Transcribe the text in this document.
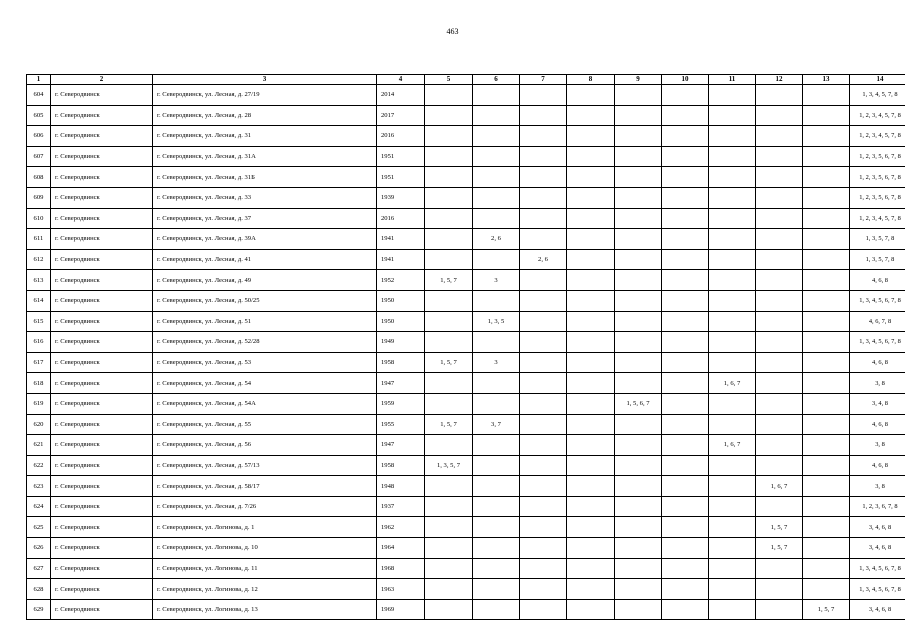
463
1	2	3	4	5	6	7	8	9	10	11	12	13	14
604	г. Северодвинск	г. Северодвинск, ул. Лесная, д. 27/19	2014										1, 3, 4, 5, 7, 8
605	г. Северодвинск	г. Северодвинск, ул. Лесная, д. 28	2017										1, 2, 3, 4, 5, 7, 8
606	г. Северодвинск	г. Северодвинск, ул. Лесная, д. 31	2016										1, 2, 3, 4, 5, 7, 8
607	г. Северодвинск	г. Северодвинск, ул. Лесная, д. 31А	1951										1, 2, 3, 5, 6, 7, 8
608	г. Северодвинск	г. Северодвинск, ул. Лесная, д. 31Б	1951										1, 2, 3, 5, 6, 7, 8
609	г. Северодвинск	г. Северодвинск, ул. Лесная, д. 33	1939										1, 2, 3, 5, 6, 7, 8
610	г. Северодвинск	г. Северодвинск, ул. Лесная, д. 37	2016										1, 2, 3, 4, 5, 7, 8
611	г. Северодвинск	г. Северодвинск, ул. Лесная, д. 39А	1941		2, 6								1, 3, 5, 7, 8
612	г. Северодвинск	г. Северодвинск, ул. Лесная, д. 41	1941			2, 6							1, 3, 5, 7, 8
613	г. Северодвинск	г. Северодвинск, ул. Лесная, д. 49	1952	1, 5, 7	3								4, 6, 8
614	г. Северодвинск	г. Северодвинск, ул. Лесная, д. 50/25	1950										1, 3, 4, 5, 6, 7, 8
615	г. Северодвинск	г. Северодвинск, ул. Лесная, д. 51	1950		1, 3, 5								4, 6, 7, 8
616	г. Северодвинск	г. Северодвинск, ул. Лесная, д. 52/28	1949										1, 3, 4, 5, 6, 7, 8
617	г. Северодвинск	г. Северодвинск, ул. Лесная, д. 53	1958	1, 5, 7	3								4, 6, 8
618	г. Северодвинск	г. Северодвинск, ул. Лесная, д. 54	1947							1, 6, 7			3, 8
619	г. Северодвинск	г. Северодвинск, ул. Лесная, д. 54А	1959					1, 5, 6, 7					3, 4, 8
620	г. Северодвинск	г. Северодвинск, ул. Лесная, д. 55	1955	1, 5, 7	3, 7								4, 6, 8
621	г. Северодвинск	г. Северодвинск, ул. Лесная, д. 56	1947							1, 6, 7			3, 8
622	г. Северодвинск	г. Северодвинск, ул. Лесная, д. 57/13	1958	1, 3, 5, 7									4, 6, 8
623	г. Северодвинск	г. Северодвинск, ул. Лесная, д. 58/17	1948								1, 6, 7		3, 8
624	г. Северодвинск	г. Северодвинск, ул. Лесная, д. 7/26	1937										1, 2, 3, 6, 7, 8
625	г. Северодвинск	г. Северодвинск, ул. Логинова, д. 1	1962								1, 5, 7		3, 4, 6, 8
626	г. Северодвинск	г. Северодвинск, ул. Логинова, д. 10	1964								1, 5, 7		3, 4, 6, 8
627	г. Северодвинск	г. Северодвинск, ул. Логинова, д. 11	1968										1, 3, 4, 5, 6, 7, 8
628	г. Северодвинск	г. Северодвинск, ул. Логинова, д. 12	1963										1, 3, 4, 5, 6, 7, 8
629	г. Северодвинск	г. Северодвинск, ул. Логинова, д. 13	1969									1, 5, 7	3, 4, 6, 8
